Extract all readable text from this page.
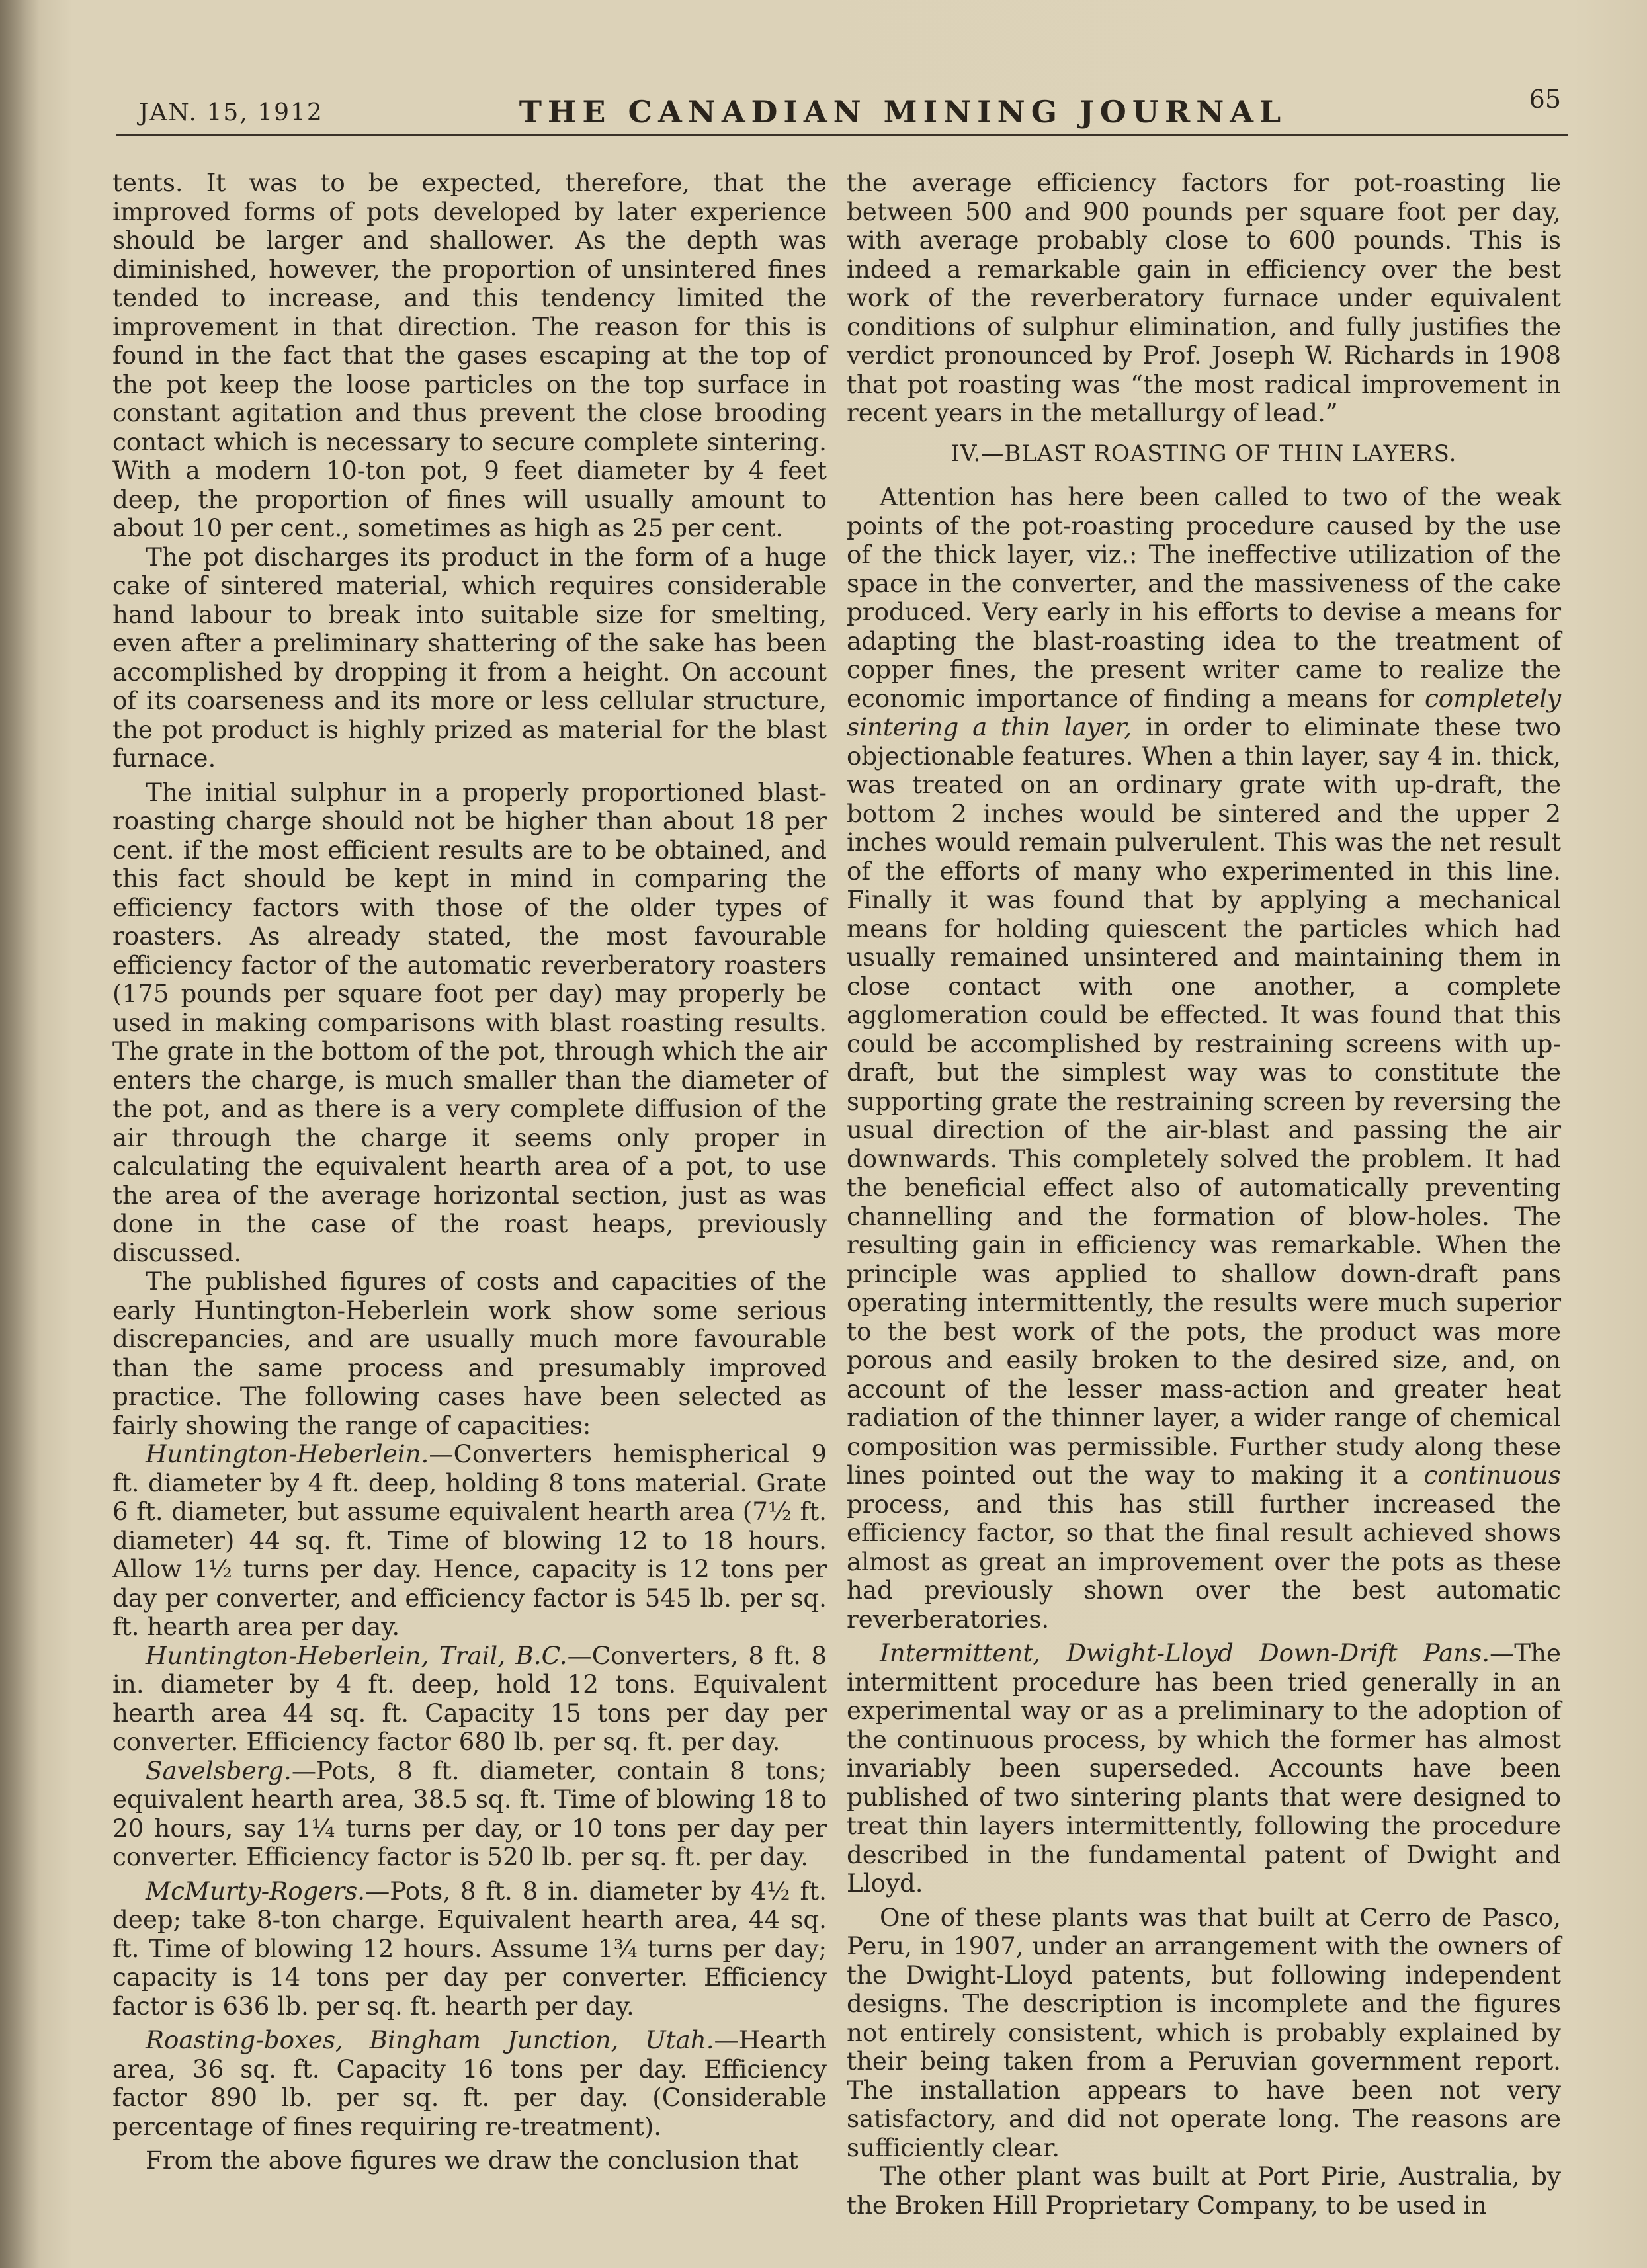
JAN. 15, 1912	THE CANADIAN MINING JOURNAL	65

tents. It was to be expected, therefore, that the improved forms of pots developed by later experience should be larger and shallower. As the depth was diminished, however, the proportion of unsintered fines tended to increase, and this tendency limited the improvement in that direction. The reason for this is found in the fact that the gases escaping at the top of the pot keep the loose particles on the top surface in constant agitation and thus prevent the close brooding contact which is necessary to secure complete sintering. With a modern 10-ton pot, 9 feet diameter by 4 feet deep, the proportion of fines will usually amount to about 10 per cent., sometimes as high as 25 per cent.

The pot discharges its product in the form of a huge cake of sintered material, which requires considerable hand labour to break into suitable size for smelting, even after a preliminary shattering of the sake has been accomplished by dropping it from a height. On account of its coarseness and its more or less cellular structure, the pot product is highly prized as material for the blast furnace.

The initial sulphur in a properly proportioned blast-roasting charge should not be higher than about 18 per cent. if the most efficient results are to be obtained, and this fact should be kept in mind in comparing the efficiency factors with those of the older types of roasters. As already stated, the most favourable efficiency factor of the automatic reverberatory roasters (175 pounds per square foot per day) may properly be used in making comparisons with blast roasting results. The grate in the bottom of the pot, through which the air enters the charge, is much smaller than the diameter of the pot, and as there is a very complete diffusion of the air through the charge it seems only proper in calculating the equivalent hearth area of a pot, to use the area of the average horizontal section, just as was done in the case of the roast heaps, previously discussed.

The published figures of costs and capacities of the early Huntington-Heberlein work show some serious discrepancies, and are usually much more favourable than the same process and presumably improved practice. The following cases have been selected as fairly showing the range of capacities:

Huntington-Heberlein.—Converters hemispherical 9 ft. diameter by 4 ft. deep, holding 8 tons material. Grate 6 ft. diameter, but assume equivalent hearth area (7½ ft. diameter) 44 sq. ft. Time of blowing 12 to 18 hours. Allow 1½ turns per day. Hence, capacity is 12 tons per day per converter, and efficiency factor is 545 lb. per sq. ft. hearth area per day.

Huntington-Heberlein, Trail, B.C.—Converters, 8 ft. 8 in. diameter by 4 ft. deep, hold 12 tons. Equivalent hearth area 44 sq. ft. Capacity 15 tons per day per converter. Efficiency factor 680 lb. per sq. ft. per day.

Savelsberg.—Pots, 8 ft. diameter, contain 8 tons; equivalent hearth area, 38.5 sq. ft. Time of blowing 18 to 20 hours, say 1¼ turns per day, or 10 tons per day per converter. Efficiency factor is 520 lb. per sq. ft. per day.

McMurty-Rogers.—Pots, 8 ft. 8 in. diameter by 4½ ft. deep; take 8-ton charge. Equivalent hearth area, 44 sq. ft. Time of blowing 12 hours. Assume 1¾ turns per day; capacity is 14 tons per day per converter. Efficiency factor is 636 lb. per sq. ft. hearth per day.

Roasting-boxes, Bingham Junction, Utah.—Hearth area, 36 sq. ft. Capacity 16 tons per day. Efficiency factor 890 lb. per sq. ft. per day. (Considerable percentage of fines requiring re-treatment).

From the above figures we draw the conclusion that

the average efficiency factors for pot-roasting lie between 500 and 900 pounds per square foot per day, with average probably close to 600 pounds. This is indeed a remarkable gain in efficiency over the best work of the reverberatory furnace under equivalent conditions of sulphur elimination, and fully justifies the verdict pronounced by Prof. Joseph W. Richards in 1908 that pot roasting was “the most radical improvement in recent years in the metallurgy of lead.”

IV.—BLAST ROASTING OF THIN LAYERS.

Attention has here been called to two of the weak points of the pot-roasting procedure caused by the use of the thick layer, viz.: The ineffective utilization of the space in the converter, and the massiveness of the cake produced. Very early in his efforts to devise a means for adapting the blast-roasting idea to the treatment of copper fines, the present writer came to realize the economic importance of finding a means for completely sintering a thin layer, in order to eliminate these two objectionable features. When a thin layer, say 4 in. thick, was treated on an ordinary grate with up-draft, the bottom 2 inches would be sintered and the upper 2 inches would remain pulverulent. This was the net result of the efforts of many who experimented in this line. Finally it was found that by applying a mechanical means for holding quiescent the particles which had usually remained unsintered and maintaining them in close contact with one another, a complete agglomeration could be effected. It was found that this could be accomplished by restraining screens with up-draft, but the simplest way was to constitute the supporting grate the restraining screen by reversing the usual direction of the air-blast and passing the air downwards. This completely solved the problem. It had the beneficial effect also of automatically preventing channelling and the formation of blow-holes. The resulting gain in efficiency was remarkable. When the principle was applied to shallow down-draft pans operating intermittently, the results were much superior to the best work of the pots, the product was more porous and easily broken to the desired size, and, on account of the lesser mass-action and greater heat radiation of the thinner layer, a wider range of chemical composition was permissible. Further study along these lines pointed out the way to making it a continuous process, and this has still further increased the efficiency factor, so that the final result achieved shows almost as great an improvement over the pots as these had previously shown over the best automatic reverberatories.

Intermittent, Dwight-Lloyd Down-Drift Pans.—The intermittent procedure has been tried generally in an experimental way or as a preliminary to the adoption of the continuous process, by which the former has almost invariably been superseded. Accounts have been published of two sintering plants that were designed to treat thin layers intermittently, following the procedure described in the fundamental patent of Dwight and Lloyd.

One of these plants was that built at Cerro de Pasco, Peru, in 1907, under an arrangement with the owners of the Dwight-Lloyd patents, but following independent designs. The description is incomplete and the figures not entirely consistent, which is probably explained by their being taken from a Peruvian government report. The installation appears to have been not very satisfactory, and did not operate long. The reasons are sufficiently clear.

The other plant was built at Port Pirie, Australia, by the Broken Hill Proprietary Company, to be used in
